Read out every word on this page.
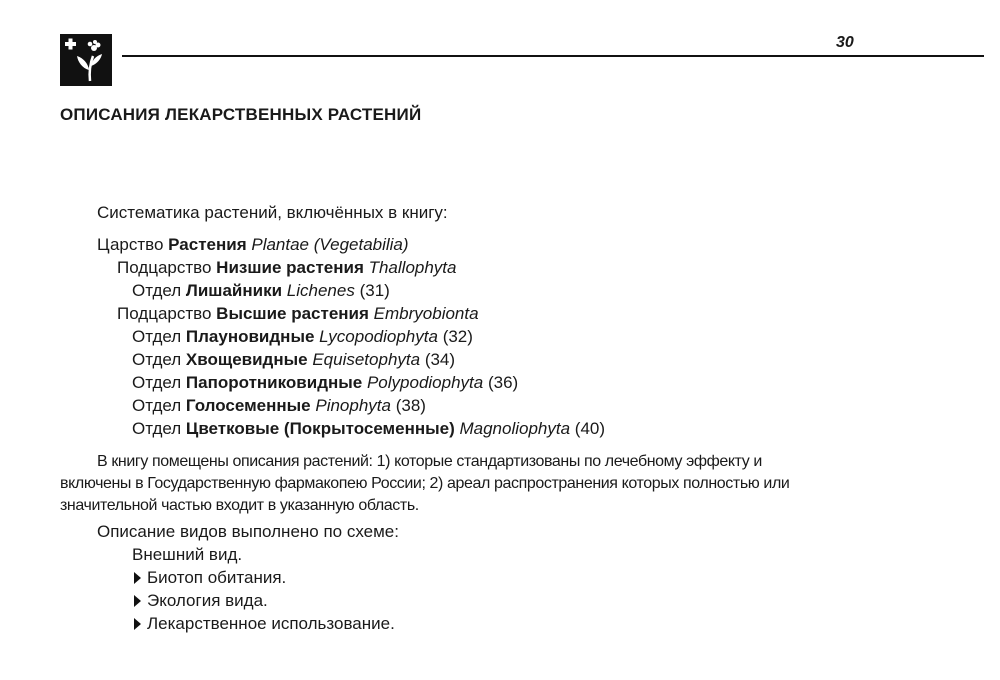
30
ОПИСАНИЯ ЛЕКАРСТВЕННЫХ РАСТЕНИЙ
Систематика растений, включённых в книгу:
Царство Растения Plantae (Vegetabilia)
Подцарство Низшие растения Thallophyta
Отдел Лишайники Lichenes (31)
Подцарство Высшие растения Embryobionta
Отдел Плауновидные Lycopodiophyta (32)
Отдел Хвощевидные Equisetophyta (34)
Отдел Папоротниковидные Polypodiophyta (36)
Отдел Голосеменные Pinophyta (38)
Отдел Цветковые (Покрытосеменные) Magnoliophyta (40)
В книгу помещены описания растений: 1) которые стандартизованы по лечебному эффекту и
включены в Государственную фармакопею России; 2) ареал распространения которых полностью или
значительной частью входит в указанную область.
Описание видов выполнено по схеме:
Внешний вид.
Биотоп обитания.
Экология вида.
Лекарственное использование.
